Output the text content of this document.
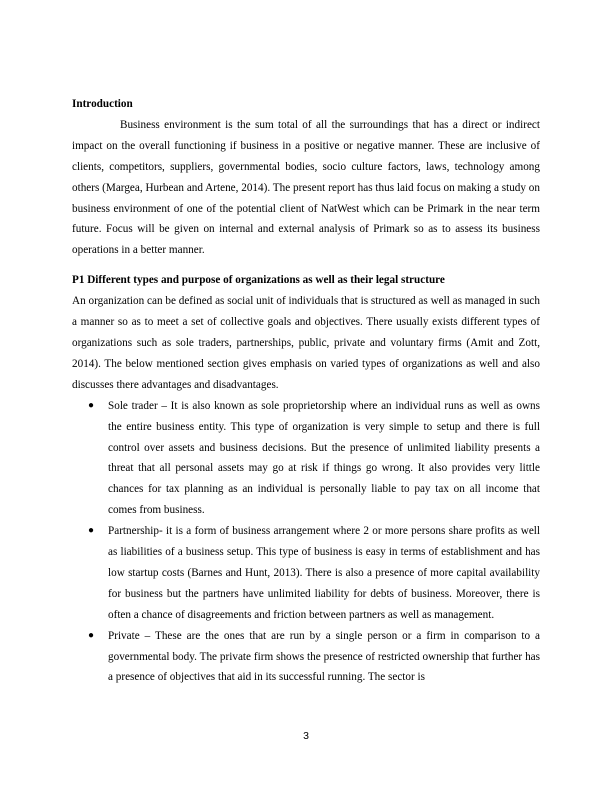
Introduction

Business environment is the sum total of all the surroundings that has a direct or indirect impact on the overall functioning if business in a positive or negative manner. These are inclusive of clients, competitors, suppliers, governmental bodies, socio culture factors, laws, technology among others (Margea, Hurbean and Artene, 2014). The present report has thus laid focus on making a study on business environment of one of the potential client of NatWest which can be Primark in the near term future. Focus will be given on internal and external analysis of Primark so as to assess its business operations in a better manner.

P1 Different types and purpose of organizations as well as their legal structure

An organization can be defined as social unit of individuals that is structured as well as managed in such a manner so as to meet a set of collective goals and objectives. There usually exists different types of organizations such as sole traders, partnerships, public, private and voluntary firms (Amit and Zott, 2014). The below mentioned section gives emphasis on varied types of organizations as well and also discusses there advantages and disadvantages.

● Sole trader – It is also known as sole proprietorship where an individual runs as well as owns the entire business entity. This type of organization is very simple to setup and there is full control over assets and business decisions. But the presence of unlimited liability presents a threat that all personal assets may go at risk if things go wrong. It also provides very little chances for tax planning as an individual is personally liable to pay tax on all income that comes from business.
● Partnership- it is a form of business arrangement where 2 or more persons share profits as well as liabilities of a business setup. This type of business is easy in terms of establishment and has low startup costs (Barnes and Hunt, 2013). There is also a presence of more capital availability for business but the partners have unlimited liability for debts of business. Moreover, there is often a chance of disagreements and friction between partners as well as management.
● Private – These are the ones that are run by a single person or a firm in comparison to a governmental body. The private firm shows the presence of restricted ownership that further has a presence of objectives that aid in its successful running. The sector is
3
